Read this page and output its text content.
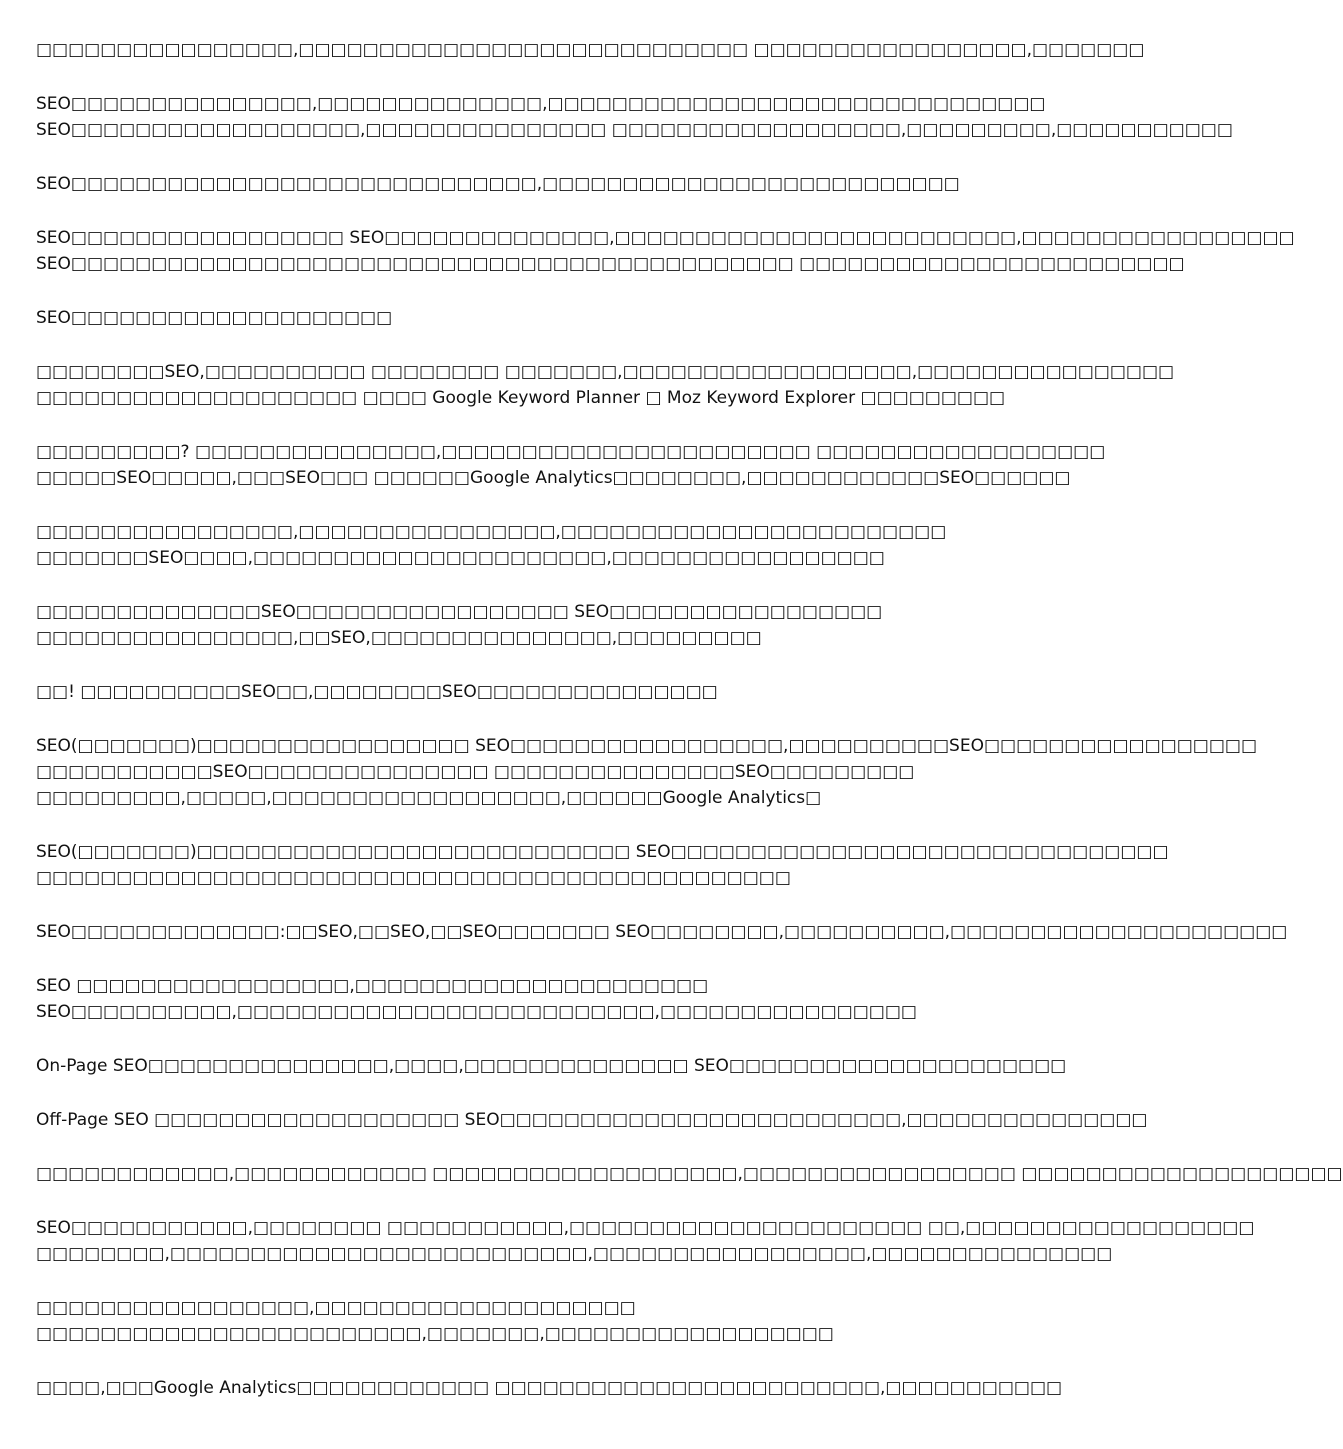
□□□□□□□□□□□□□□□□,□□□□□□□□□□□□□□□□□□□□□□□□□□□□ □□□□□□□□□□□□□□□□□,□□□□□□□

SEO□□□□□□□□□□□□□□□,□□□□□□□□□□□□□□,□□□□□□□□□□□□□□□□□□□□□□□□□□□□□□□
SEO□□□□□□□□□□□□□□□□□□,□□□□□□□□□□□□□□□ □□□□□□□□□□□□□□□□□□,□□□□□□□□□,□□□□□□□□□□□

SEO□□□□□□□□□□□□□□□□□□□□□□□□□□□□□,□□□□□□□□□□□□□□□□□□□□□□□□□□

SEO□□□□□□□□□□□□□□□□□ SEO□□□□□□□□□□□□□□,□□□□□□□□□□□□□□□□□□□□□□□□□,□□□□□□□□□□□□□□□□□
SEO□□□□□□□□□□□□□□□□□□□□□□□□□□□□□□□□□□□□□□□□□□□□□ □□□□□□□□□□□□□□□□□□□□□□□□

SEO□□□□□□□□□□□□□□□□□□□□

□□□□□□□□SEO,□□□□□□□□□□ □□□□□□□□ □□□□□□□,□□□□□□□□□□□□□□□□□□,□□□□□□□□□□□□□□□□
□□□□□□□□□□□□□□□□□□□□ □□□□ Google Keyword Planner □ Moz Keyword Explorer □□□□□□□□□

□□□□□□□□□? □□□□□□□□□□□□□□□,□□□□□□□□□□□□□□□□□□□□□□□ □□□□□□□□□□□□□□□□□□
□□□□□SEO□□□□□,□□□SEO□□□ □□□□□□Google Analytics□□□□□□□□,□□□□□□□□□□□□SEO□□□□□□

□□□□□□□□□□□□□□□□,□□□□□□□□□□□□□□□□,□□□□□□□□□□□□□□□□□□□□□□□□
□□□□□□□SEO□□□□,□□□□□□□□□□□□□□□□□□□□□□,□□□□□□□□□□□□□□□□□

□□□□□□□□□□□□□□SEO□□□□□□□□□□□□□□□□□ SEO□□□□□□□□□□□□□□□□□
□□□□□□□□□□□□□□□□,□□SEO,□□□□□□□□□□□□□□□,□□□□□□□□□

□□! □□□□□□□□□□SEO□□,□□□□□□□□SEO□□□□□□□□□□□□□□□

SEO(□□□□□□□)□□□□□□□□□□□□□□□□□ SEO□□□□□□□□□□□□□□□□□,□□□□□□□□□□SEO□□□□□□□□□□□□□□□□□
□□□□□□□□□□□SEO□□□□□□□□□□□□□□□ □□□□□□□□□□□□□□□SEO□□□□□□□□□
□□□□□□□□□,□□□□□,□□□□□□□□□□□□□□□□□□,□□□□□□Google Analytics□

SEO(□□□□□□□)□□□□□□□□□□□□□□□□□□□□□□□□□□□ SEO□□□□□□□□□□□□□□□□□□□□□□□□□□□□□□□
□□□□□□□□□□□□□□□□□□□□□□□□□□□□□□□□□□□□□□□□□□□□□□□

SEO□□□□□□□□□□□□□:□□SEO,□□SEO,□□SEO□□□□□□□ SEO□□□□□□□□,□□□□□□□□□□,□□□□□□□□□□□□□□□□□□□□□

SEO □□□□□□□□□□□□□□□□□,□□□□□□□□□□□□□□□□□□□□□□
SEO□□□□□□□□□□,□□□□□□□□□□□□□□□□□□□□□□□□□□,□□□□□□□□□□□□□□□□

On-Page SEO□□□□□□□□□□□□□□□,□□□□,□□□□□□□□□□□□□□ SEO□□□□□□□□□□□□□□□□□□□□□

Off-Page SEO □□□□□□□□□□□□□□□□□□□ SEO□□□□□□□□□□□□□□□□□□□□□□□□□,□□□□□□□□□□□□□□□

□□□□□□□□□□□□,□□□□□□□□□□□□ □□□□□□□□□□□□□□□□□□□,□□□□□□□□□□□□□□□□□ □□□□□□□□□□□□□□□□□□□□

SEO□□□□□□□□□□□,□□□□□□□□ □□□□□□□□□□□,□□□□□□□□□□□□□□□□□□□□□□ □□,□□□□□□□□□□□□□□□□□□
□□□□□□□□,□□□□□□□□□□□□□□□□□□□□□□□□□□,□□□□□□□□□□□□□□□□□,□□□□□□□□□□□□□□□

□□□□□□□□□□□□□□□□□,□□□□□□□□□□□□□□□□□□□□
□□□□□□□□□□□□□□□□□□□□□□□□,□□□□□□□,□□□□□□□□□□□□□□□□□□

□□□□,□□□Google Analytics□□□□□□□□□□□□ □□□□□□□□□□□□□□□□□□□□□□□□,□□□□□□□□□□□
